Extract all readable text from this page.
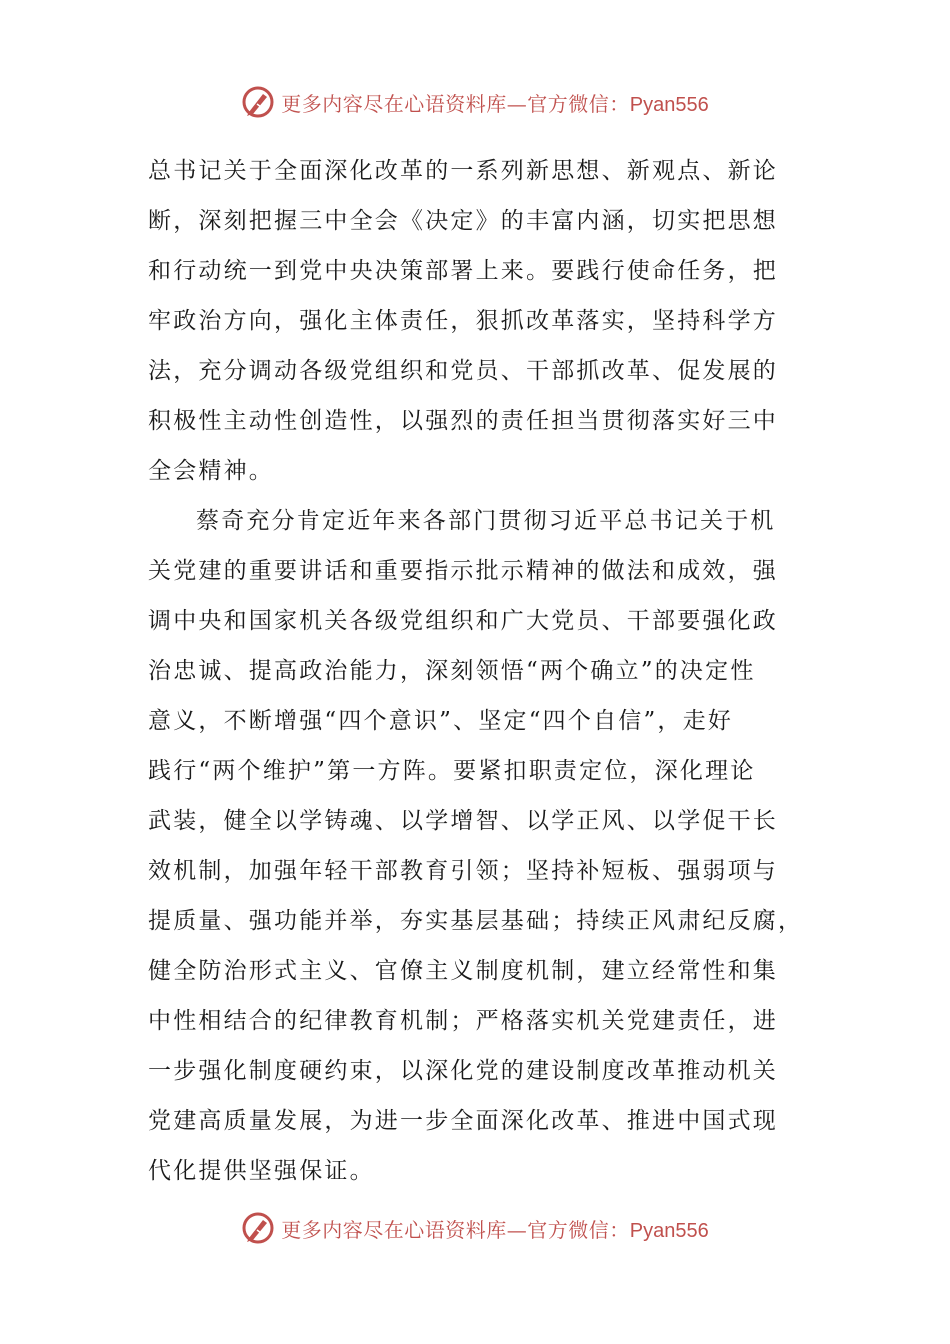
更多内容尽在心语资料库—官方微信：Pyan556
总书记关于全面深化改革的一系列新思想、新观点、新论
断，深刻把握三中全会《决定》的丰富内涵，切实把思想
和行动统一到党中央决策部署上来。要践行使命任务，把
牢政治方向，强化主体责任，狠抓改革落实，坚持科学方
法，充分调动各级党组织和党员、干部抓改革、促发展的
积极性主动性创造性，以强烈的责任担当贯彻落实好三中
全会精神。
蔡奇充分肯定近年来各部门贯彻习近平总书记关于机
关党建的重要讲话和重要指示批示精神的做法和成效，强
调中央和国家机关各级党组织和广大党员、干部要强化政
治忠诚、提高政治能力，深刻领悟“两个确立”的决定性
意义，不断增强“四个意识”、坚定“四个自信”，走好
践行“两个维护”第一方阵。要紧扣职责定位，深化理论
武装，健全以学铸魂、以学增智、以学正风、以学促干长
效机制，加强年轻干部教育引领；坚持补短板、强弱项与
提质量、强功能并举，夯实基层基础；持续正风肃纪反腐，
健全防治形式主义、官僚主义制度机制，建立经常性和集
中性相结合的纪律教育机制；严格落实机关党建责任，进
一步强化制度硬约束，以深化党的建设制度改革推动机关
党建高质量发展，为进一步全面深化改革、推进中国式现
代化提供坚强保证。
更多内容尽在心语资料库—官方微信：Pyan556
